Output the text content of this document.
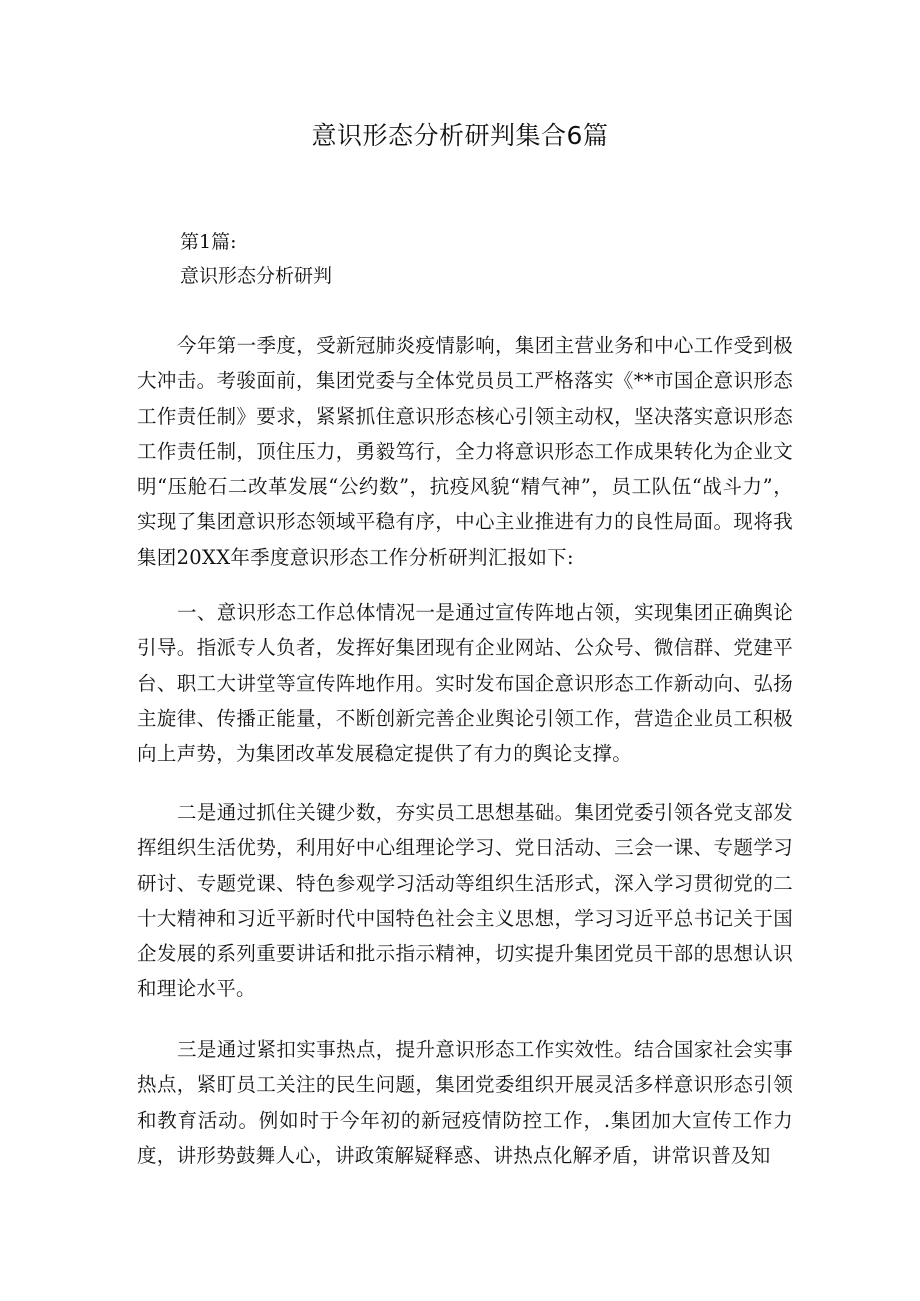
意识形态分析研判集合6篇
第1篇:
意识形态分析研判

今年第一季度，受新冠肺炎疫情影响，集团主营业务和中心工作受到极大冲击。考骏面前，集团党委与全体党员员工严格落实《**市国企意识形态工作责任制》要求，紧紧抓住意识形态核心引领主动权，坚决落实意识形态工作责任制，顶住压力，勇毅笃行，全力将意识形态工作成果转化为企业文明“压舱石二改革发展“公约数”，抗疫风貌“精气神”，员工队伍“战斗力”，实现了集团意识形态领域平稳有序，中心主业推进有力的良性局面。现将我集团20XX年季度意识形态工作分析研判汇报如下:

一、意识形态工作总体情况一是通过宣传阵地占领，实现集团正确舆论引导。指派专人负者，发挥好集团现有企业网站、公众号、微信群、党建平台、职工大讲堂等宣传阵地作用。实时发布国企意识形态工作新动向、弘扬主旋律、传播正能量，不断创新完善企业舆论引领工作，营造企业员工积极向上声势，为集团改革发展稳定提供了有力的舆论支撑。

二是通过抓住关键少数，夯实员工思想基础。集团党委引领各党支部发挥组织生活优势，利用好中心组理论学习、党日活动、三会一课、专题学习研讨、专题党课、特色参观学习活动等组织生活形式，深入学习贯彻党的二十大精神和习近平新时代中国特色社会主义思想，学习习近平总书记关于国企发展的系列重要讲话和批示指示精神，切实提升集团党员干部的思想认识和理论水平。

三是通过紧扣实事热点，提升意识形态工作实效性。结合国家社会实事热点，紧盯员工关注的民生问题，集团党委组织开展灵活多样意识形态引领和教育活动。例如时于今年初的新冠疫情防控工作，.集团加大宣传工作力度，讲形势鼓舞人心，讲政策解疑释惑、讲热点化解矛盾，讲常识普及知
